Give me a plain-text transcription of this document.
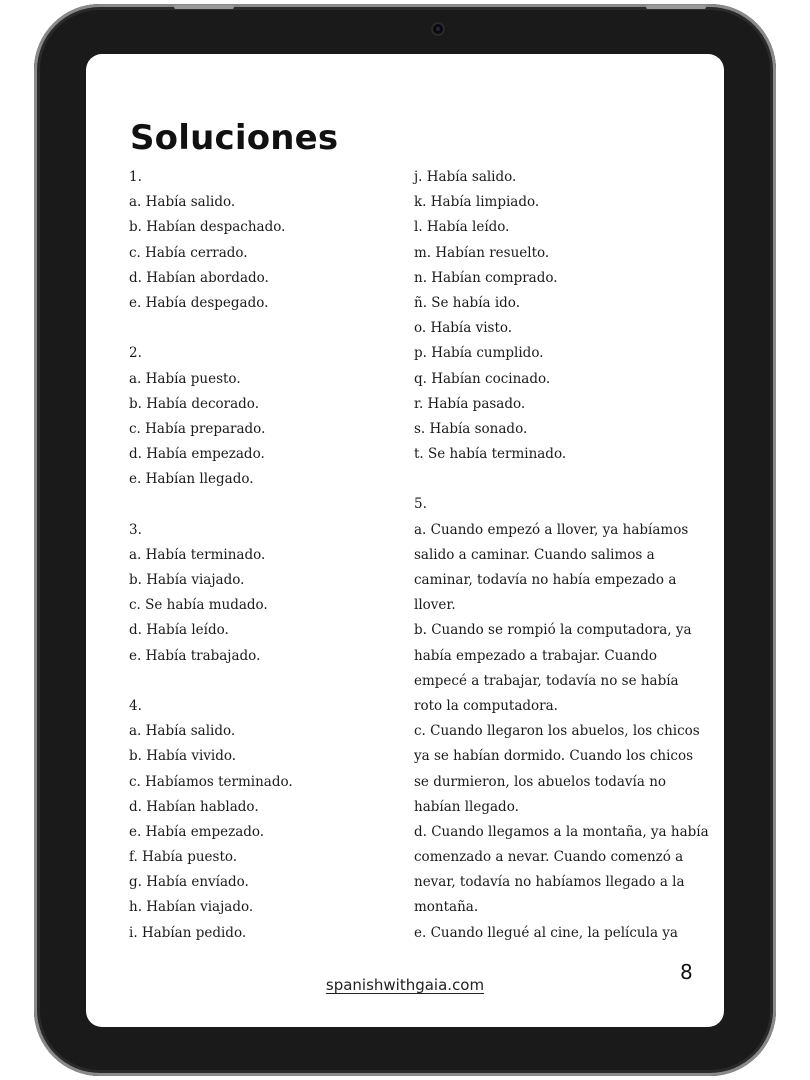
Soluciones
1.
a. Había salido.
b. Habían despachado.
c. Había cerrado.
d. Habían abordado.
e. Había despegado.
2.
a. Había puesto.
b. Había decorado.
c. Había preparado.
d. Había empezado.
e. Habían llegado.
3.
a. Había terminado.
b. Había viajado.
c. Se había mudado.
d. Había leído.
e. Había trabajado.
4.
a. Había salido.
b. Había vivido.
c. Habíamos terminado.
d. Habían hablado.
e. Había empezado.
f. Había puesto.
g. Había envíado.
h. Habían viajado.
i. Habían pedido.
j. Había salido.
k. Había limpiado.
l. Había leído.
m. Habían resuelto.
n. Habían comprado.
ñ. Se había ido.
o. Había visto.
p. Había cumplido.
q. Habían cocinado.
r. Había pasado.
s. Había sonado.
t. Se había terminado.
5.
a. Cuando empezó a llover, ya habíamos
salido a caminar. Cuando salimos a
caminar, todavía no había empezado a
llover.
b. Cuando se rompió la computadora, ya
había empezado a trabajar. Cuando
empecé a trabajar, todavía no se había
roto la computadora.
c. Cuando llegaron los abuelos, los chicos
ya se habían dormido. Cuando los chicos
se durmieron, los abuelos todavía no
habían llegado.
d. Cuando llegamos a la montaña, ya había
comenzado a nevar. Cuando comenzó a
nevar, todavía no habíamos llegado a la
montaña.
e. Cuando llegué al cine, la película ya
spanishwithgaia.com
8
